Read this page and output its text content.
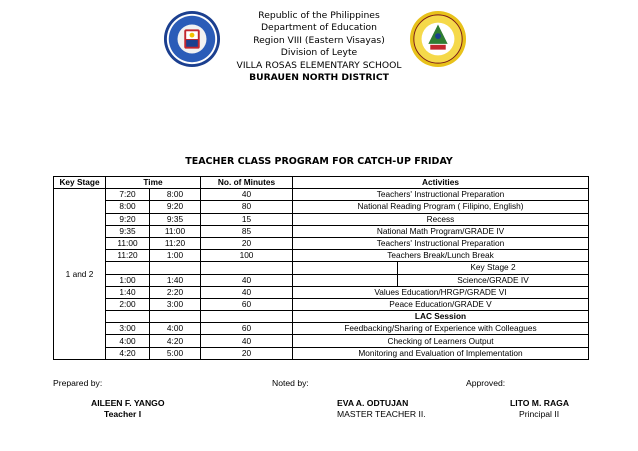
Republic of the Philippines
Department of Education
Region VIII (Eastern Visayas)
Division of Leyte
VILLA ROSAS ELEMENTARY SCHOOL
BURAUEN NORTH DISTRICT
TEACHER CLASS PROGRAM FOR CATCH-UP FRIDAY
Key Stage	Time		No. of Minutes	Activities
1 and 2	7:20	8:00	40	Teachers' Instructional Preparation
	8:00	9:20	80	National Reading Program ( Filipino, English)
	9:20	9:35	15	Recess
	9:35	11:00	85	National Math Program/GRADE IV
	11:00	11:20	20	Teachers' Instructional Preparation
	11:20	1:00	100	Teachers Break/Lunch Break

				Key Stage 2

	1:00	1:40	40	Science/GRADE IV

	1:40	2:20	40	Values Education/HRGP/GRADE VI
	2:00	3:00	60	Peace Education/GRADE V
				LAC Session
	3:00	4:00	60	Feedbacking/Sharing of Experience with Colleagues
	4:00	4:20	40	Checking of Learners Output
	4:20	5:00	20	Monitoring and Evaluation of Implementation
Prepared by:	Noted by:	Approved:
AILEEN F. YANGO
Teacher I
EVA A. ODTUJAN
MASTER TEACHER II.
LITO M. RAGA
Principal II
